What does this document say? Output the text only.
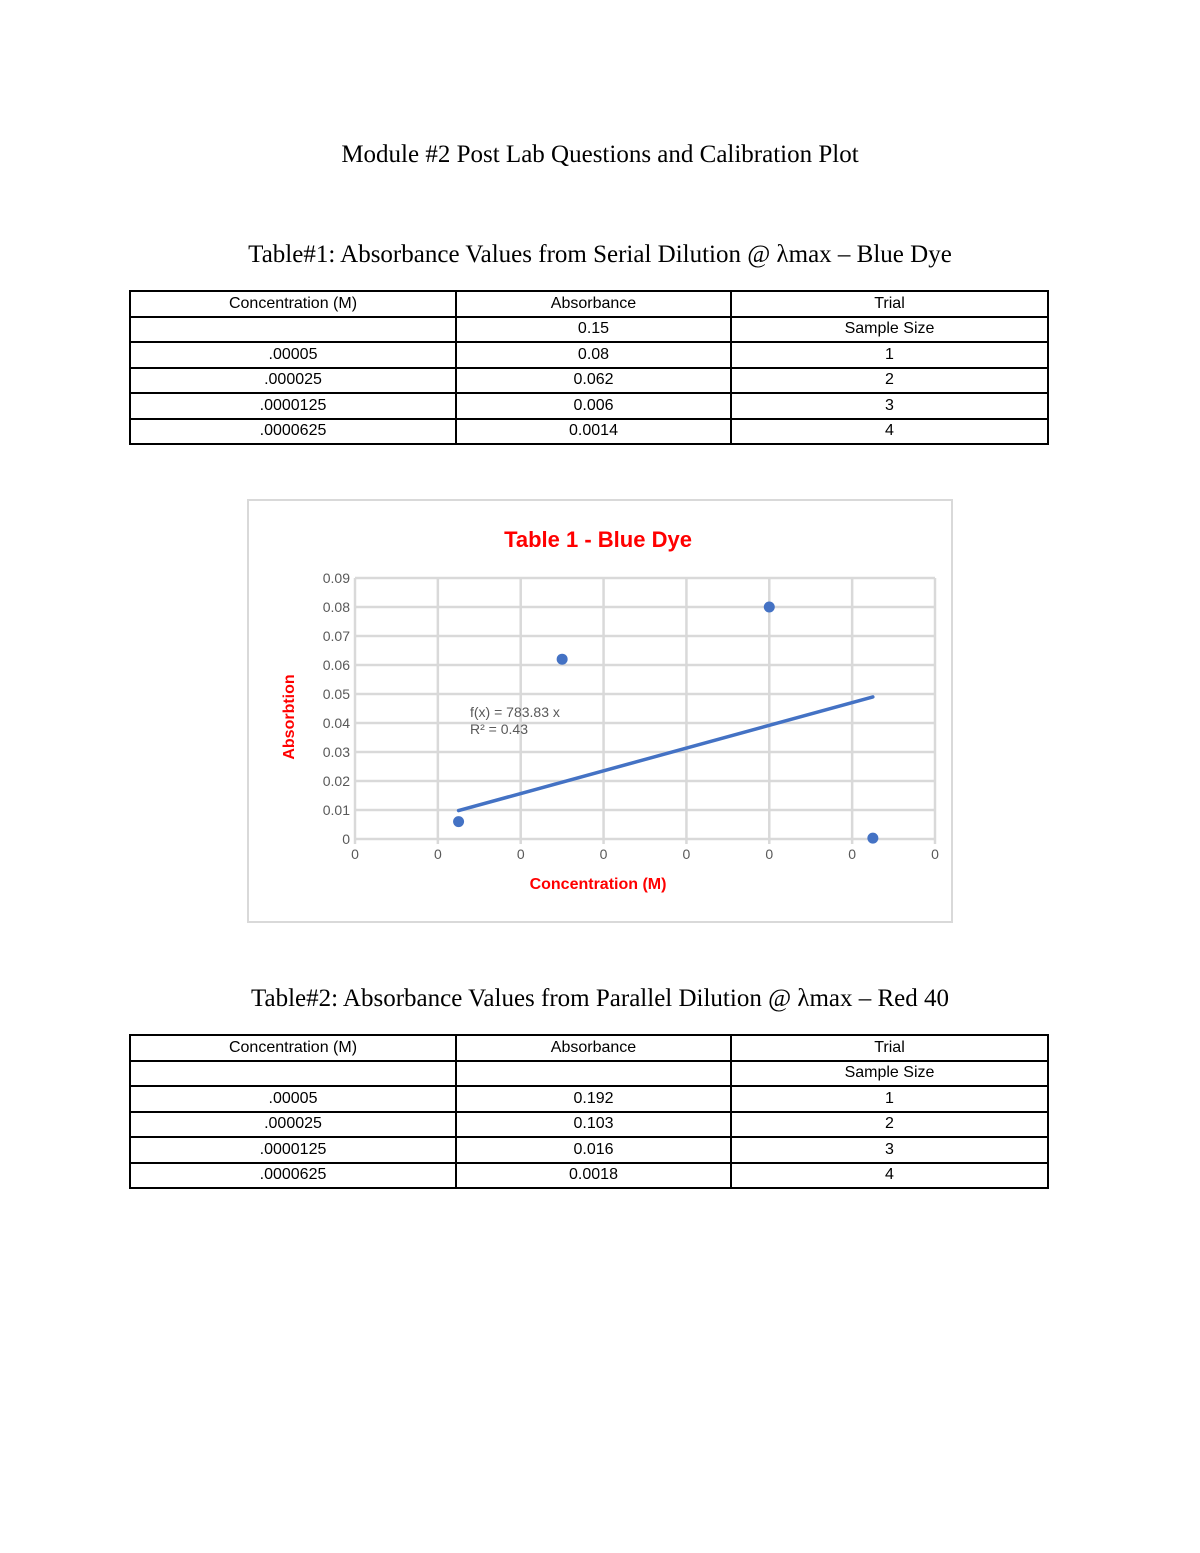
Module #2 Post Lab Questions and Calibration Plot
Table#1: Absorbance Values from Serial Dilution @ λmax – Blue Dye
Concentration (M)	Absorbance	Trial
	0.15	Sample Size
.00005	0.08	1
.000025	0.062	2
.0000125	0.006	3
.0000625	0.0014	4
0
0.01
0.02
0.03
0.04
0.05
0.06
0.07
0.08
0.09
0	0	0	0	0	0	0	0
Table 1 - Blue Dye
Concentration (M)
Absorbtion	f(x) = 783.83 x
R² = 0.43
Table#2: Absorbance Values from Parallel Dilution @ λmax – Red 40
Concentration (M)	Absorbance	Trial
		Sample Size
.00005	0.192	1
.000025	0.103	2
.0000125	0.016	3
.0000625	0.0018	4
